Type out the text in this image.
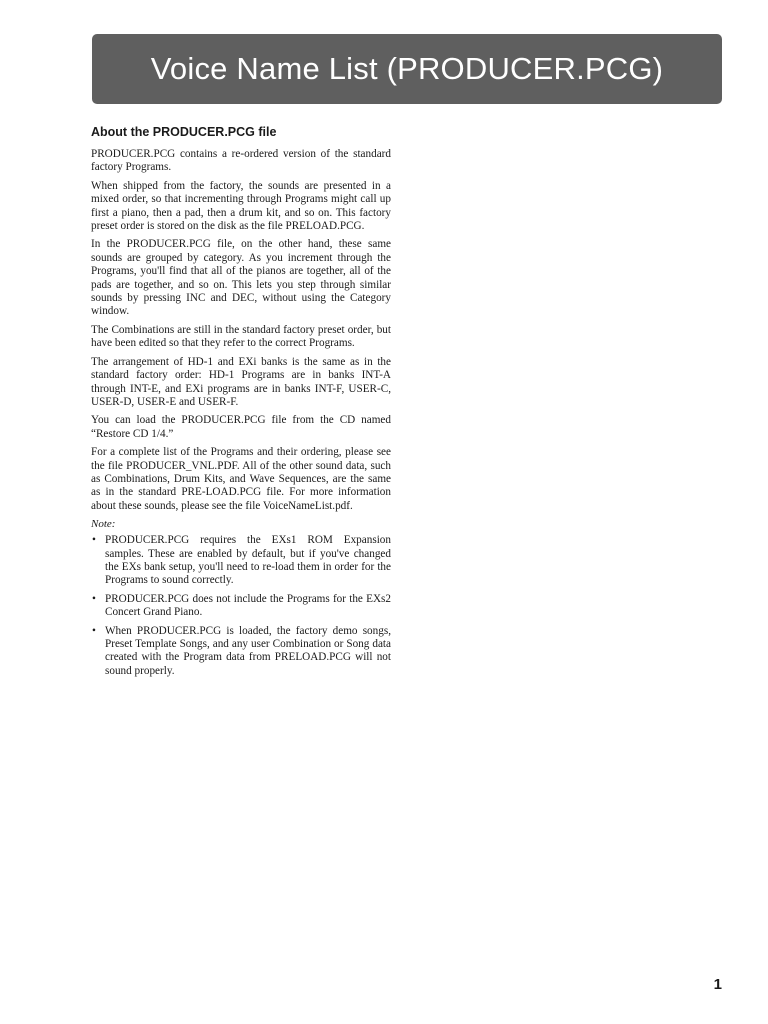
Voice Name List (PRODUCER.PCG)
About the PRODUCER.PCG file

PRODUCER.PCG contains a re-ordered version of the standard factory Programs.

When shipped from the factory, the sounds are presented in a mixed order, so that incrementing through Programs might call up first a piano, then a pad, then a drum kit, and so on. This factory preset order is stored on the disk as the file PRELOAD.PCG.

In the PRODUCER.PCG file, on the other hand, these same sounds are grouped by category. As you increment through the Programs, you'll find that all of the pianos are together, all of the pads are together, and so on. This lets you step through similar sounds by pressing INC and DEC, without using the Category window.

The Combinations are still in the standard factory preset order, but have been edited so that they refer to the correct Programs.

The arrangement of HD-1 and EXi banks is the same as in the standard factory order: HD-1 Programs are in banks INT-A through INT-E, and EXi programs are in banks INT-F, USER-C, USER-D, USER-E and USER-F.

You can load the PRODUCER.PCG file from the CD named “Restore CD 1/4.”

For a complete list of the Programs and their ordering, please see the file PRODUCER_VNL.PDF. All of the other sound data, such as Combinations, Drum Kits, and Wave Sequences, are the same as in the standard PRE-LOAD.PCG file. For more information about these sounds, please see the file VoiceNameList.pdf.

Note:

• PRODUCER.PCG requires the EXs1 ROM Expansion samples. These are enabled by default, but if you've changed the EXs bank setup, you'll need to re-load them in order for the Programs to sound correctly.
• PRODUCER.PCG does not include the Programs for the EXs2 Concert Grand Piano.
• When PRODUCER.PCG is loaded, the factory demo songs, Preset Template Songs, and any user Combination or Song data created with the Program data from PRELOAD.PCG will not sound properly.
1
